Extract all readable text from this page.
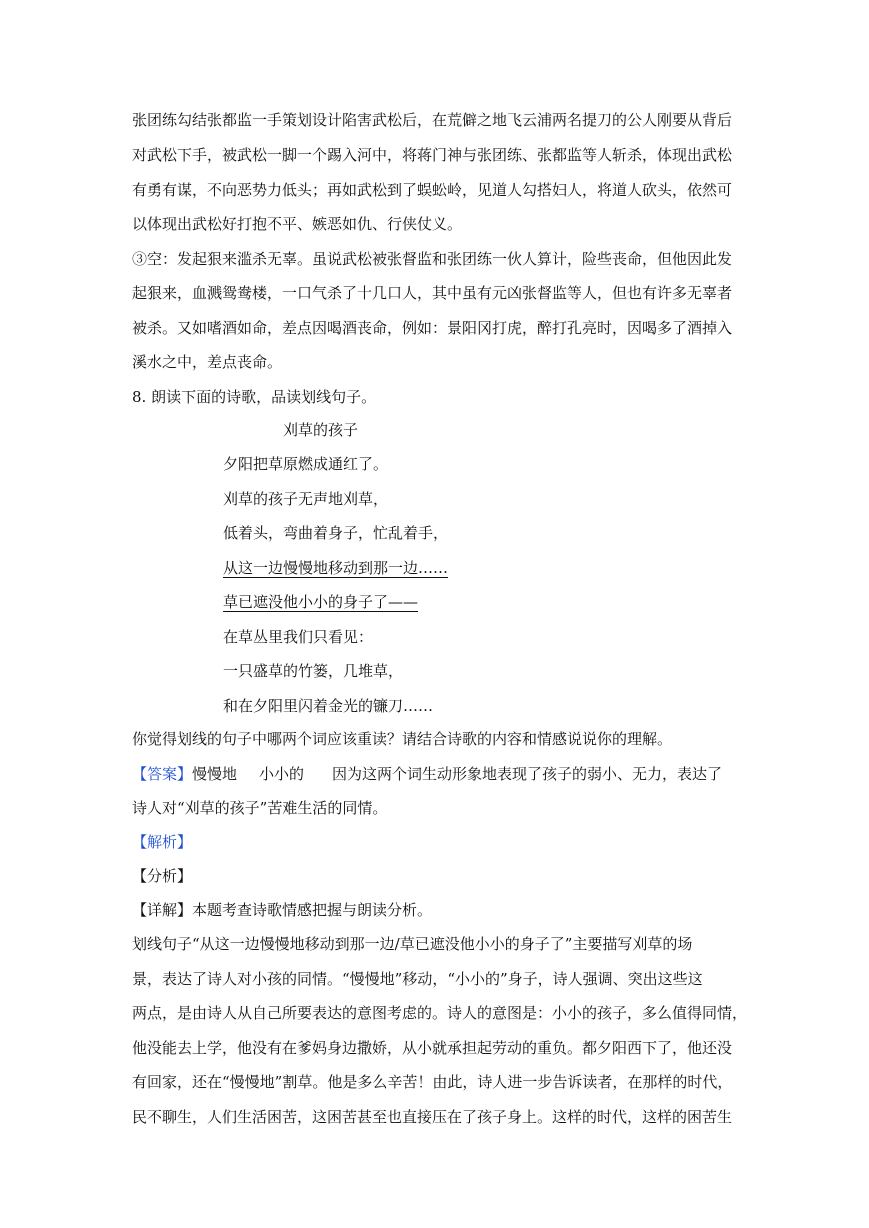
张团练勾结张都监一手策划设计陷害武松后，在荒僻之地飞云浦两名提刀的公人刚要从背后
对武松下手，被武松一脚一个踢入河中，将蒋门神与张团练、张都监等人斩杀，体现出武松
有勇有谋，不向恶势力低头；再如武松到了蜈蚣岭，见道人勾搭妇人，将道人砍头，依然可
以体现出武松好打抱不平、嫉恶如仇、行侠仗义。
③空：发起狠来滥杀无辜。虽说武松被张督监和张团练一伙人算计，险些丧命，但他因此发
起狠来，血溅鸳鸯楼，一口气杀了十几口人，其中虽有元凶张督监等人，但也有许多无辜者
被杀。又如嗜酒如命，差点因喝酒丧命，例如：景阳冈打虎，醉打孔亮时，因喝多了酒掉入
溪水之中，差点丧命。
8. 朗读下面的诗歌，品读划线句子。
刈草的孩子
夕阳把草原燃成通红了。
刈草的孩子无声地刈草，
低着头，弯曲着身子，忙乱着手，
从这一边慢慢地移动到那一边……
草已遮没他小小的身子了——
在草丛里我们只看见：
一只盛草的竹篓，几堆草，
和在夕阳里闪着金光的镰刀……
你觉得划线的句子中哪两个词应该重读？请结合诗歌的内容和情感说说你的理解。
【答案】慢慢地 小小的 因为这两个词生动形象地表现了孩子的弱小、无力，表达了
诗人对“刈草的孩子”苦难生活的同情。
【解析】
【分析】
【详解】本题考查诗歌情感把握与朗读分析。
划线句子“从这一边慢慢地移动到那一边/草已遮没他小小的身子了”主要描写刈草的场
景，表达了诗人对小孩的同情。“慢慢地”移动，“小小的”身子，诗人强调、突出这些这
两点，是由诗人从自己所要表达的意图考虑的。诗人的意图是：小小的孩子，多么值得同情，
他没能去上学，他没有在爹妈身边撒娇，从小就承担起劳动的重负。都夕阳西下了，他还没
有回家，还在“慢慢地”割草。他是多么辛苦！由此，诗人进一步告诉读者，在那样的时代，
民不聊生，人们生活困苦，这困苦甚至也直接压在了孩子身上。这样的时代，这样的困苦生
